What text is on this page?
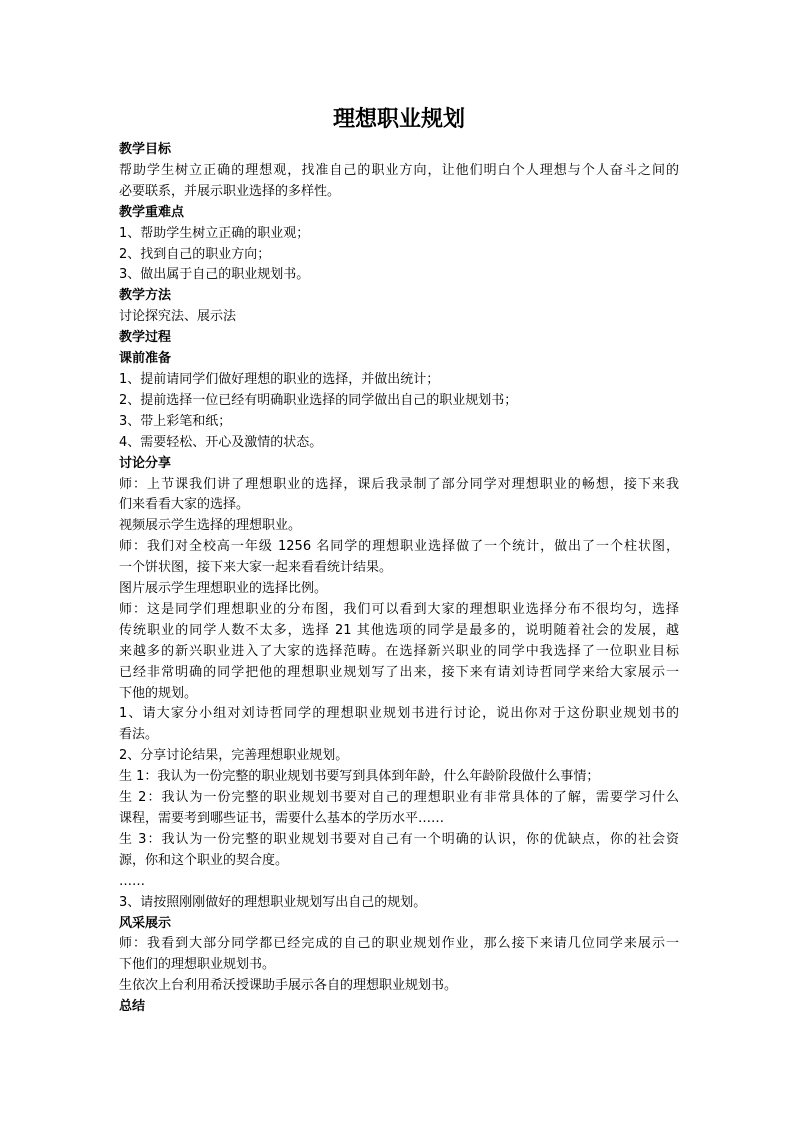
理想职业规划
教学目标
帮助学生树立正确的理想观，找准自己的职业方向，让他们明白个人理想与个人奋斗之间的
必要联系，并展示职业选择的多样性。
教学重难点
1、帮助学生树立正确的职业观；
2、找到自己的职业方向；
3、做出属于自己的职业规划书。
教学方法
讨论探究法、展示法
教学过程
课前准备
1、提前请同学们做好理想的职业的选择，并做出统计；
2、提前选择一位已经有明确职业选择的同学做出自己的职业规划书；
3、带上彩笔和纸；
4、需要轻松、开心及激情的状态。
讨论分享
师：上节课我们讲了理想职业的选择，课后我录制了部分同学对理想职业的畅想，接下来我
们来看看大家的选择。
视频展示学生选择的理想职业。
师：我们对全校高一年级 1256 名同学的理想职业选择做了一个统计，做出了一个柱状图，
一个饼状图，接下来大家一起来看看统计结果。
图片展示学生理想职业的选择比例。
师：这是同学们理想职业的分布图，我们可以看到大家的理想职业选择分布不很均匀，选择
传统职业的同学人数不太多，选择 21 其他选项的同学是最多的，说明随着社会的发展，越
来越多的新兴职业进入了大家的选择范畴。在选择新兴职业的同学中我选择了一位职业目标
已经非常明确的同学把他的理想职业规划写了出来，接下来有请刘诗哲同学来给大家展示一
下他的规划。
1、请大家分小组对刘诗哲同学的理想职业规划书进行讨论，说出你对于这份职业规划书的
看法。
2、分享讨论结果，完善理想职业规划。
生 1：我认为一份完整的职业规划书要写到具体到年龄，什么年龄阶段做什么事情；
生 2：我认为一份完整的职业规划书要对自己的理想职业有非常具体的了解，需要学习什么
课程，需要考到哪些证书，需要什么基本的学历水平……
生 3：我认为一份完整的职业规划书要对自己有一个明确的认识，你的优缺点，你的社会资
源，你和这个职业的契合度。
……
3、请按照刚刚做好的理想职业规划写出自己的规划。
风采展示
师：我看到大部分同学都已经完成的自己的职业规划作业，那么接下来请几位同学来展示一
下他们的理想职业规划书。
生依次上台利用希沃授课助手展示各自的理想职业规划书。
总结
